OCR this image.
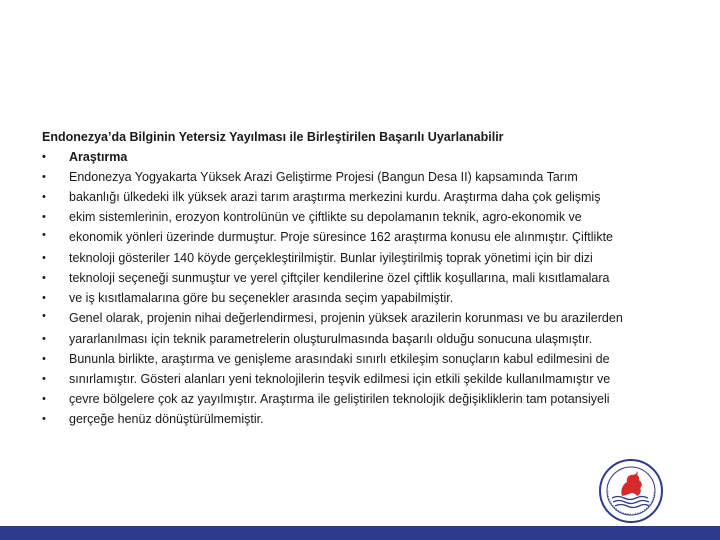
Endonezya’da Bilginin Yetersiz Yayılması ile Birleştirilen Başarılı Uyarlanabilir
• Araştırma
• Endonezya Yogyakarta Yüksek Arazi Geliştirme Projesi (Bangun Desa II) kapsamında Tarım
• bakanlığı ülkedeki ilk yüksek arazi tarım araştırma merkezini kurdu. Araştırma daha çok gelişmiş
• ekim sistemlerinin, erozyon kontrolünün ve çiftlikte su depolamanın teknik, agro-ekonomik ve
• ekonomik yönleri üzerinde durmuştur. Proje süresince 162 araştırma konusu ele alınmıştır. Çiftlikte
• teknoloji gösteriler 140 köyde gerçekleştirilmiştir. Bunlar iyileştirilmiş toprak yönetimi için bir dizi
• teknoloji seçeneği sunmuştur ve yerel çiftçiler kendilerine özel çiftlik koşullarına, mali kısıtlamalara
• ve iş kısıtlamalarına göre bu seçenekler arasında seçim yapabilmiştir.
• Genel olarak, projenin nihai değerlendirmesi, projenin yüksek arazilerin korunması ve bu arazilerden
• yararlanılması için teknik parametrelerin oluşturulmasında başarılı olduğu sonucuna ulaşmıştır.
• Bununla birlikte, araştırma ve genişleme arasındaki sınırlı etkileşim sonuçların kabul edilmesini de
• sınırlamıştır. Gösteri alanları yeni teknolojilerin teşvik edilmesi için etkili şekilde kullanılmamıştır ve
• çevre bölgelere çok az yayılmıştır. Araştırma ile geliştirilen teknolojik değişikliklerin tam potansiyeli
• gerçeğe henüz dönüştürülmemiştir.
